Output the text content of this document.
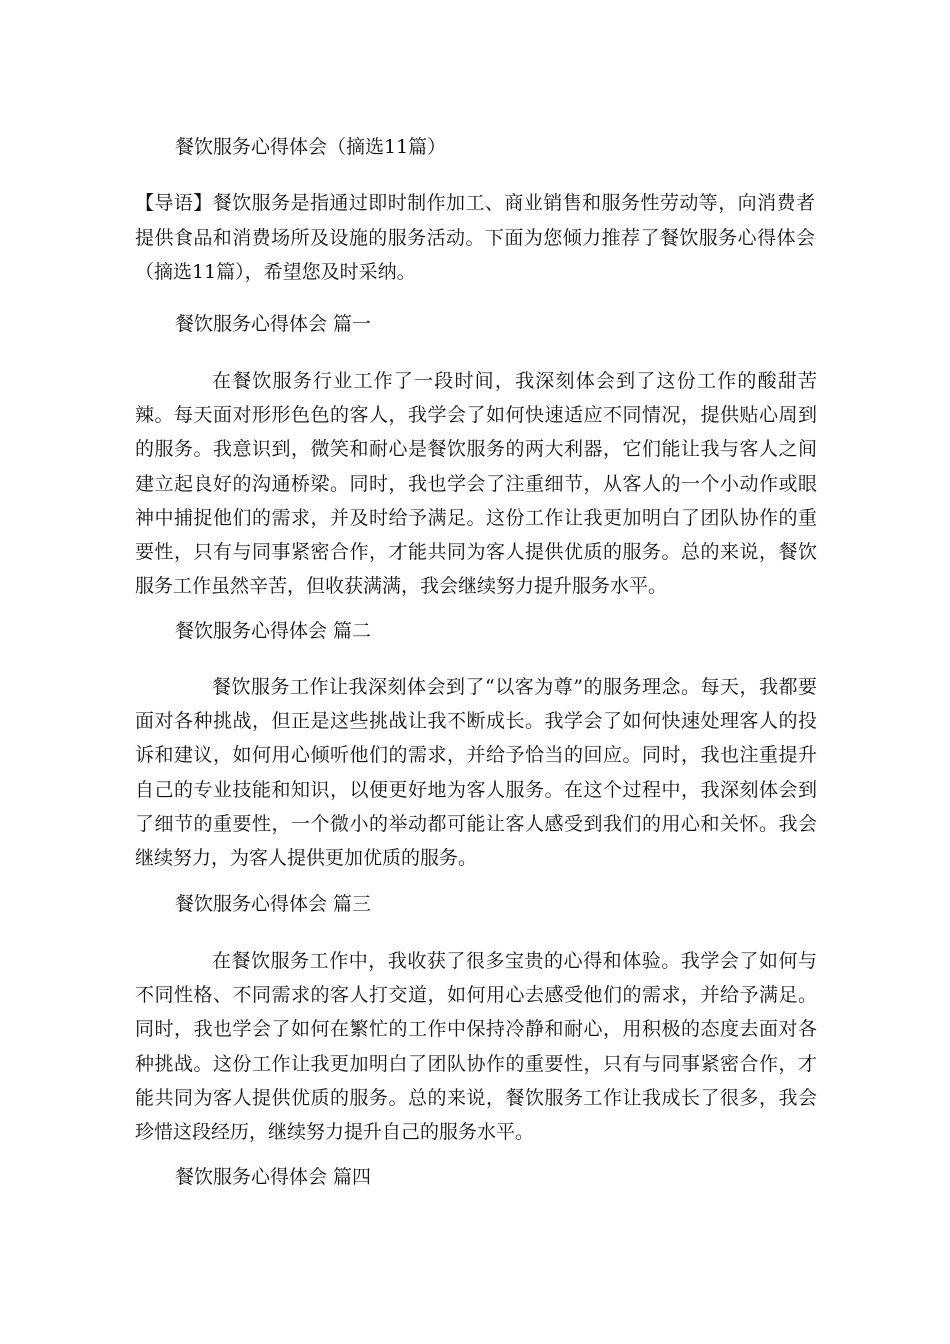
餐饮服务心得体会（摘选11篇）

【导语】餐饮服务是指通过即时制作加工、商业销售和服务性劳动等，向消费者提供食品和消费场所及设施的服务活动。下面为您倾力推荐了餐饮服务心得体会（摘选11篇），希望您及时采纳。

餐饮服务心得体会 篇一

在餐饮服务行业工作了一段时间，我深刻体会到了这份工作的酸甜苦辣。每天面对形形色色的客人，我学会了如何快速适应不同情况，提供贴心周到的服务。我意识到，微笑和耐心是餐饮服务的两大利器，它们能让我与客人之间建立起良好的沟通桥梁。同时，我也学会了注重细节，从客人的一个小动作或眼神中捕捉他们的需求，并及时给予满足。这份工作让我更加明白了团队协作的重要性，只有与同事紧密合作，才能共同为客人提供优质的服务。总的来说，餐饮服务工作虽然辛苦，但收获满满，我会继续努力提升服务水平。

餐饮服务心得体会 篇二

餐饮服务工作让我深刻体会到了“以客为尊”的服务理念。每天，我都要面对各种挑战，但正是这些挑战让我不断成长。我学会了如何快速处理客人的投诉和建议，如何用心倾听他们的需求，并给予恰当的回应。同时，我也注重提升自己的专业技能和知识，以便更好地为客人服务。在这个过程中，我深刻体会到了细节的重要性，一个微小的举动都可能让客人感受到我们的用心和关怀。我会继续努力，为客人提供更加优质的服务。

餐饮服务心得体会 篇三

在餐饮服务工作中，我收获了很多宝贵的心得和体验。我学会了如何与不同性格、不同需求的客人打交道，如何用心去感受他们的需求，并给予满足。同时，我也学会了如何在繁忙的工作中保持冷静和耐心，用积极的态度去面对各种挑战。这份工作让我更加明白了团队协作的重要性，只有与同事紧密合作，才能共同为客人提供优质的服务。总的来说，餐饮服务工作让我成长了很多，我会珍惜这段经历，继续努力提升自己的服务水平。

餐饮服务心得体会 篇四
